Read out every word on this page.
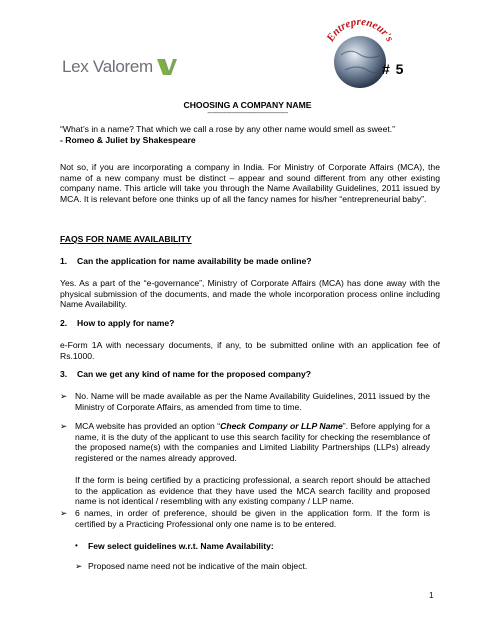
Lex Valorem
Entrepreneur's
# 5
CHOOSING A COMPANY NAME
--------------------------------------------
“What’s in a name? That which we call a rose by any other name would smell as sweet.”
- Romeo & Juliet by Shakespeare
Not so, if you are incorporating a company in India. For Ministry of Corporate Affairs (MCA), the name of a new company must be distinct – appear and sound different from any other existing company name. This article will take you through the Name Availability Guidelines, 2011 issued by MCA. It is relevant before one thinks up of all the fancy names for his/her “entrepreneurial baby”.
FAQS FOR NAME AVAILABILITY
1. Can the application for name availability be made online?
Yes. As a part of the “e-governance”, Ministry of Corporate Affairs (MCA) has done away with the physical submission of the documents, and made the whole incorporation process online including Name Availability.
2. How to apply for name?
e-Form 1A with necessary documents, if any, to be submitted online with an application fee of Rs.1000.
3. Can we get any kind of name for the proposed company?
➢ No. Name will be made available as per the Name Availability Guidelines, 2011 issued by the Ministry of Corporate Affairs, as amended from time to time.
➢ MCA website has provided an option “Check Company or LLP Name”. Before applying for a name, it is the duty of the applicant to use this search facility for checking the resemblance of the proposed name(s) with the companies and Limited Liability Partnerships (LLPs) already registered or the names already approved.
If the form is being certified by a practicing professional, a search report should be attached to the application as evidence that they have used the MCA search facility and proposed name is not identical / resembling with any existing company / LLP name.
➢ 6 names, in order of preference, should be given in the application form. If the form is certified by a Practicing Professional only one name is to be entered.
• Few select guidelines w.r.t. Name Availability:
➢ Proposed name need not be indicative of the main object.
1
